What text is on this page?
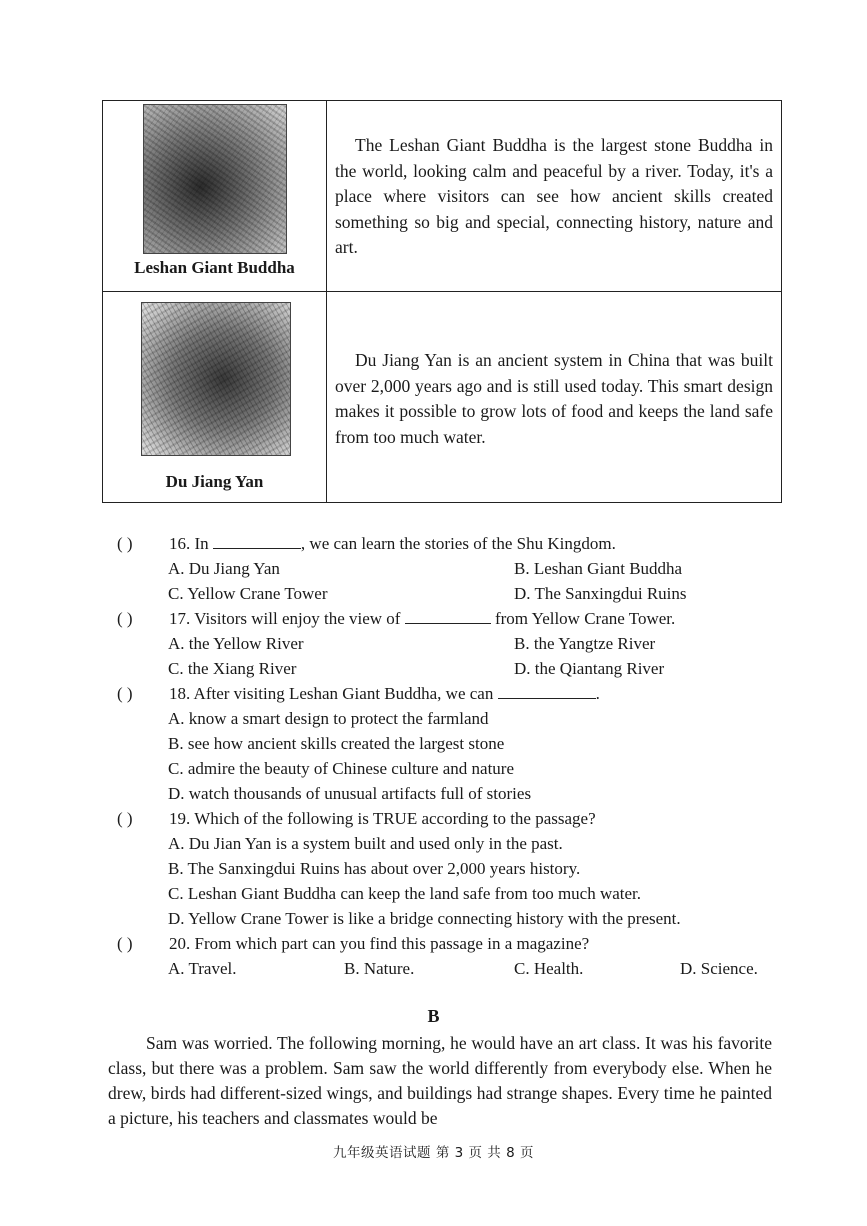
Leshan Giant Buddha
The Leshan Giant Buddha is the largest stone Buddha in the world, looking calm and peaceful by a river. Today, it's a place where visitors can see how ancient skills created something so big and special, connecting history, nature and art.
Du Jiang Yan
Du Jiang Yan is an ancient system in China that was built over 2,000 years ago and is still used today. This smart design makes it possible to grow lots of food and keeps the land safe from too much water.
( ) 16. In	, we can learn the stories of the Shu Kingdom.
A. Du Jiang Yan	B. Leshan Giant Buddha
C. Yellow Crane Tower	D. The Sanxingdui Ruins
( ) 17. Visitors will enjoy the view of	from Yellow Crane Tower.
A. the Yellow River	B. the Yangtze River
C. the Xiang River	D. the Qiantang River
( ) 18. After visiting Leshan Giant Buddha, we can	.
A. know a smart design to protect the farmland
B. see how ancient skills created the largest stone
C. admire the beauty of Chinese culture and nature
D. watch thousands of unusual artifacts full of stories
( ) 19. Which of the following is TRUE according to the passage?
A. Du Jian Yan is a system built and used only in the past.
B. The Sanxingdui Ruins has about over 2,000 years history.
C. Leshan Giant Buddha can keep the land safe from too much water.
D. Yellow Crane Tower is like a bridge connecting history with the present.
( ) 20. From which part can you find this passage in a magazine?
A. Travel.	B. Nature.	C. Health.	D. Science.
B
Sam was worried. The following morning, he would have an art class. It was his favorite class, but there was a problem. Sam saw the world differently from everybody else. When he drew, birds had different-sized wings, and buildings had strange shapes. Every time he painted a picture, his teachers and classmates would be
九年级英语试题 第 3 页 共 8 页
